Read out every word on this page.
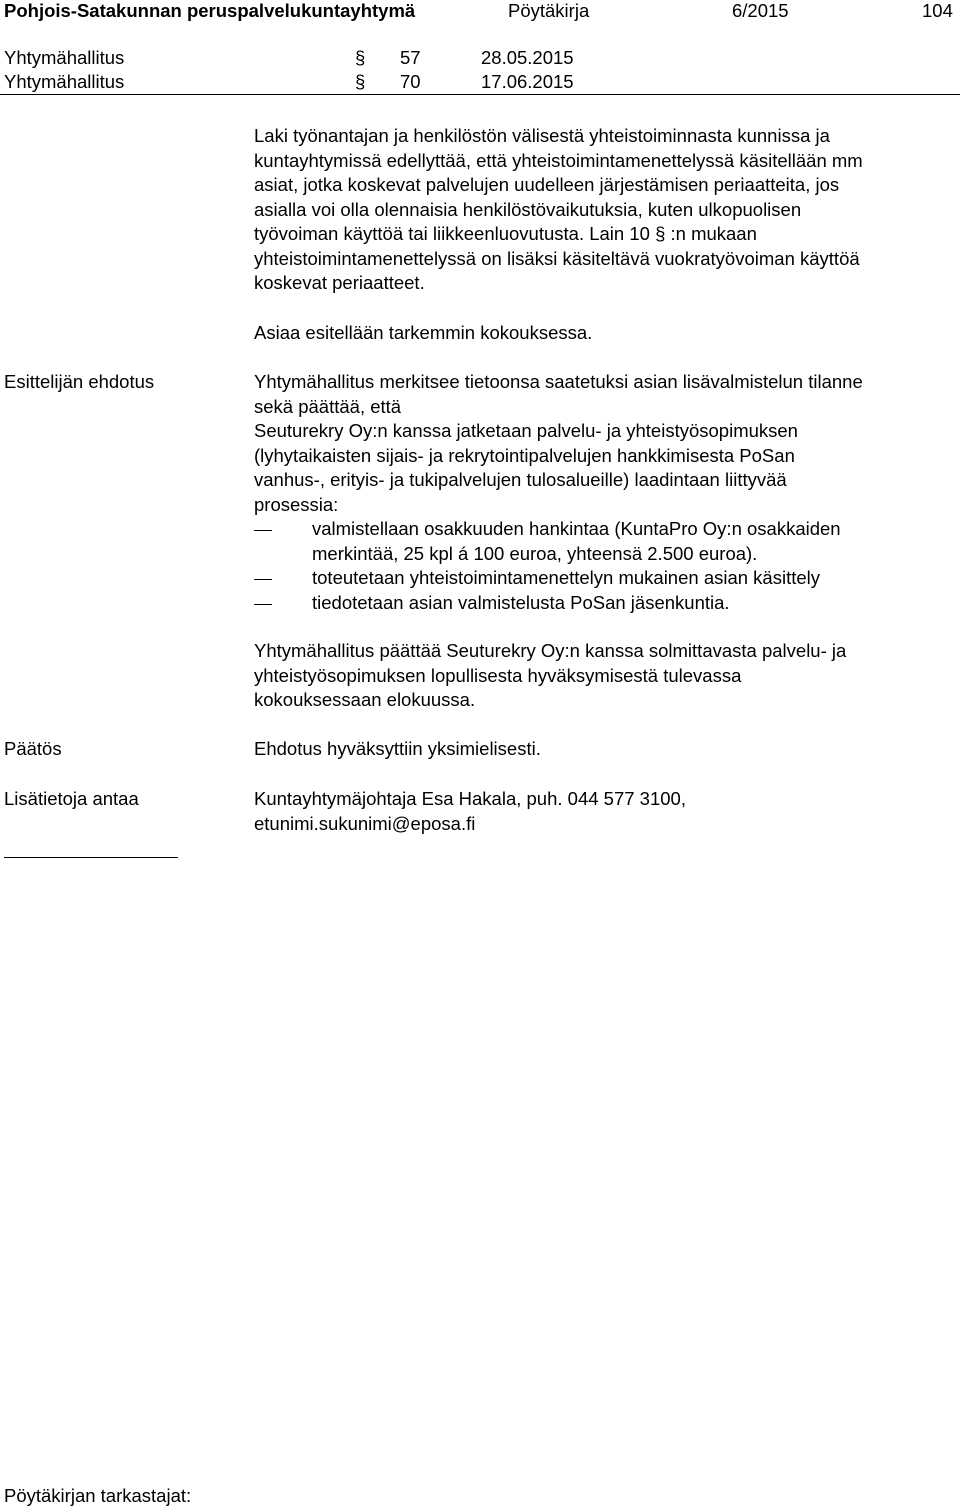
Pohjois-Satakunnan peruspalvelukuntayhtymä	Pöytäkirja	6/2015	104
Yhtymähallitus	§ 57	28.05.2015
Yhtymähallitus	§ 70	17.06.2015
Laki työnantajan ja henkilöstön välisestä yhteistoiminnasta kunnissa ja
kuntayhtymissä edellyttää, että yhteistoimintamenettelyssä käsitellään mm
asiat, jotka koskevat palvelujen uudelleen järjestämisen periaatteita, jos
asialla voi olla olennaisia henkilöstövaikutuksia, kuten ulkopuolisen
työvoiman käyttöä tai liikkeenluovutusta. Lain 10 § :n mukaan
yhteistoimintamenettelyssä on lisäksi käsiteltävä vuokratyövoiman käyttöä
koskevat periaatteet.
Asiaa esitellään tarkemmin kokouksessa.
Esittelijän ehdotus	Yhtymähallitus merkitsee tietoonsa saatetuksi asian lisävalmistelun tilanne
sekä päättää, että
Seuturekry Oy:n kanssa jatketaan palvelu- ja yhteistyösopimuksen
(lyhytaikaisten sijais- ja rekrytointipalvelujen hankkimisesta PoSan
vanhus-, erityis- ja tukipalvelujen tulosalueille) laadintaan liittyvää
prosessia:
valmistellaan osakkuuden hankintaa (KuntaPro Oy:n osakkaiden
merkintää, 25 kpl á 100 euroa, yhteensä 2.500 euroa).
toteutetaan yhteistoimintamenettelyn mukainen asian käsittely
tiedotetaan asian valmistelusta PoSan jäsenkuntia.
Yhtymähallitus päättää Seuturekry Oy:n kanssa solmittavasta palvelu- ja
yhteistyösopimuksen lopullisesta hyväksymisestä tulevassa
kokouksessaan elokuussa.
Päätös	Ehdotus hyväksyttiin yksimielisesti.
Lisätietoja antaa	Kuntayhtymäjohtaja Esa Hakala, puh. 044 577 3100,
etunimi.sukunimi@eposa.fi
Pöytäkirjan tarkastajat:
